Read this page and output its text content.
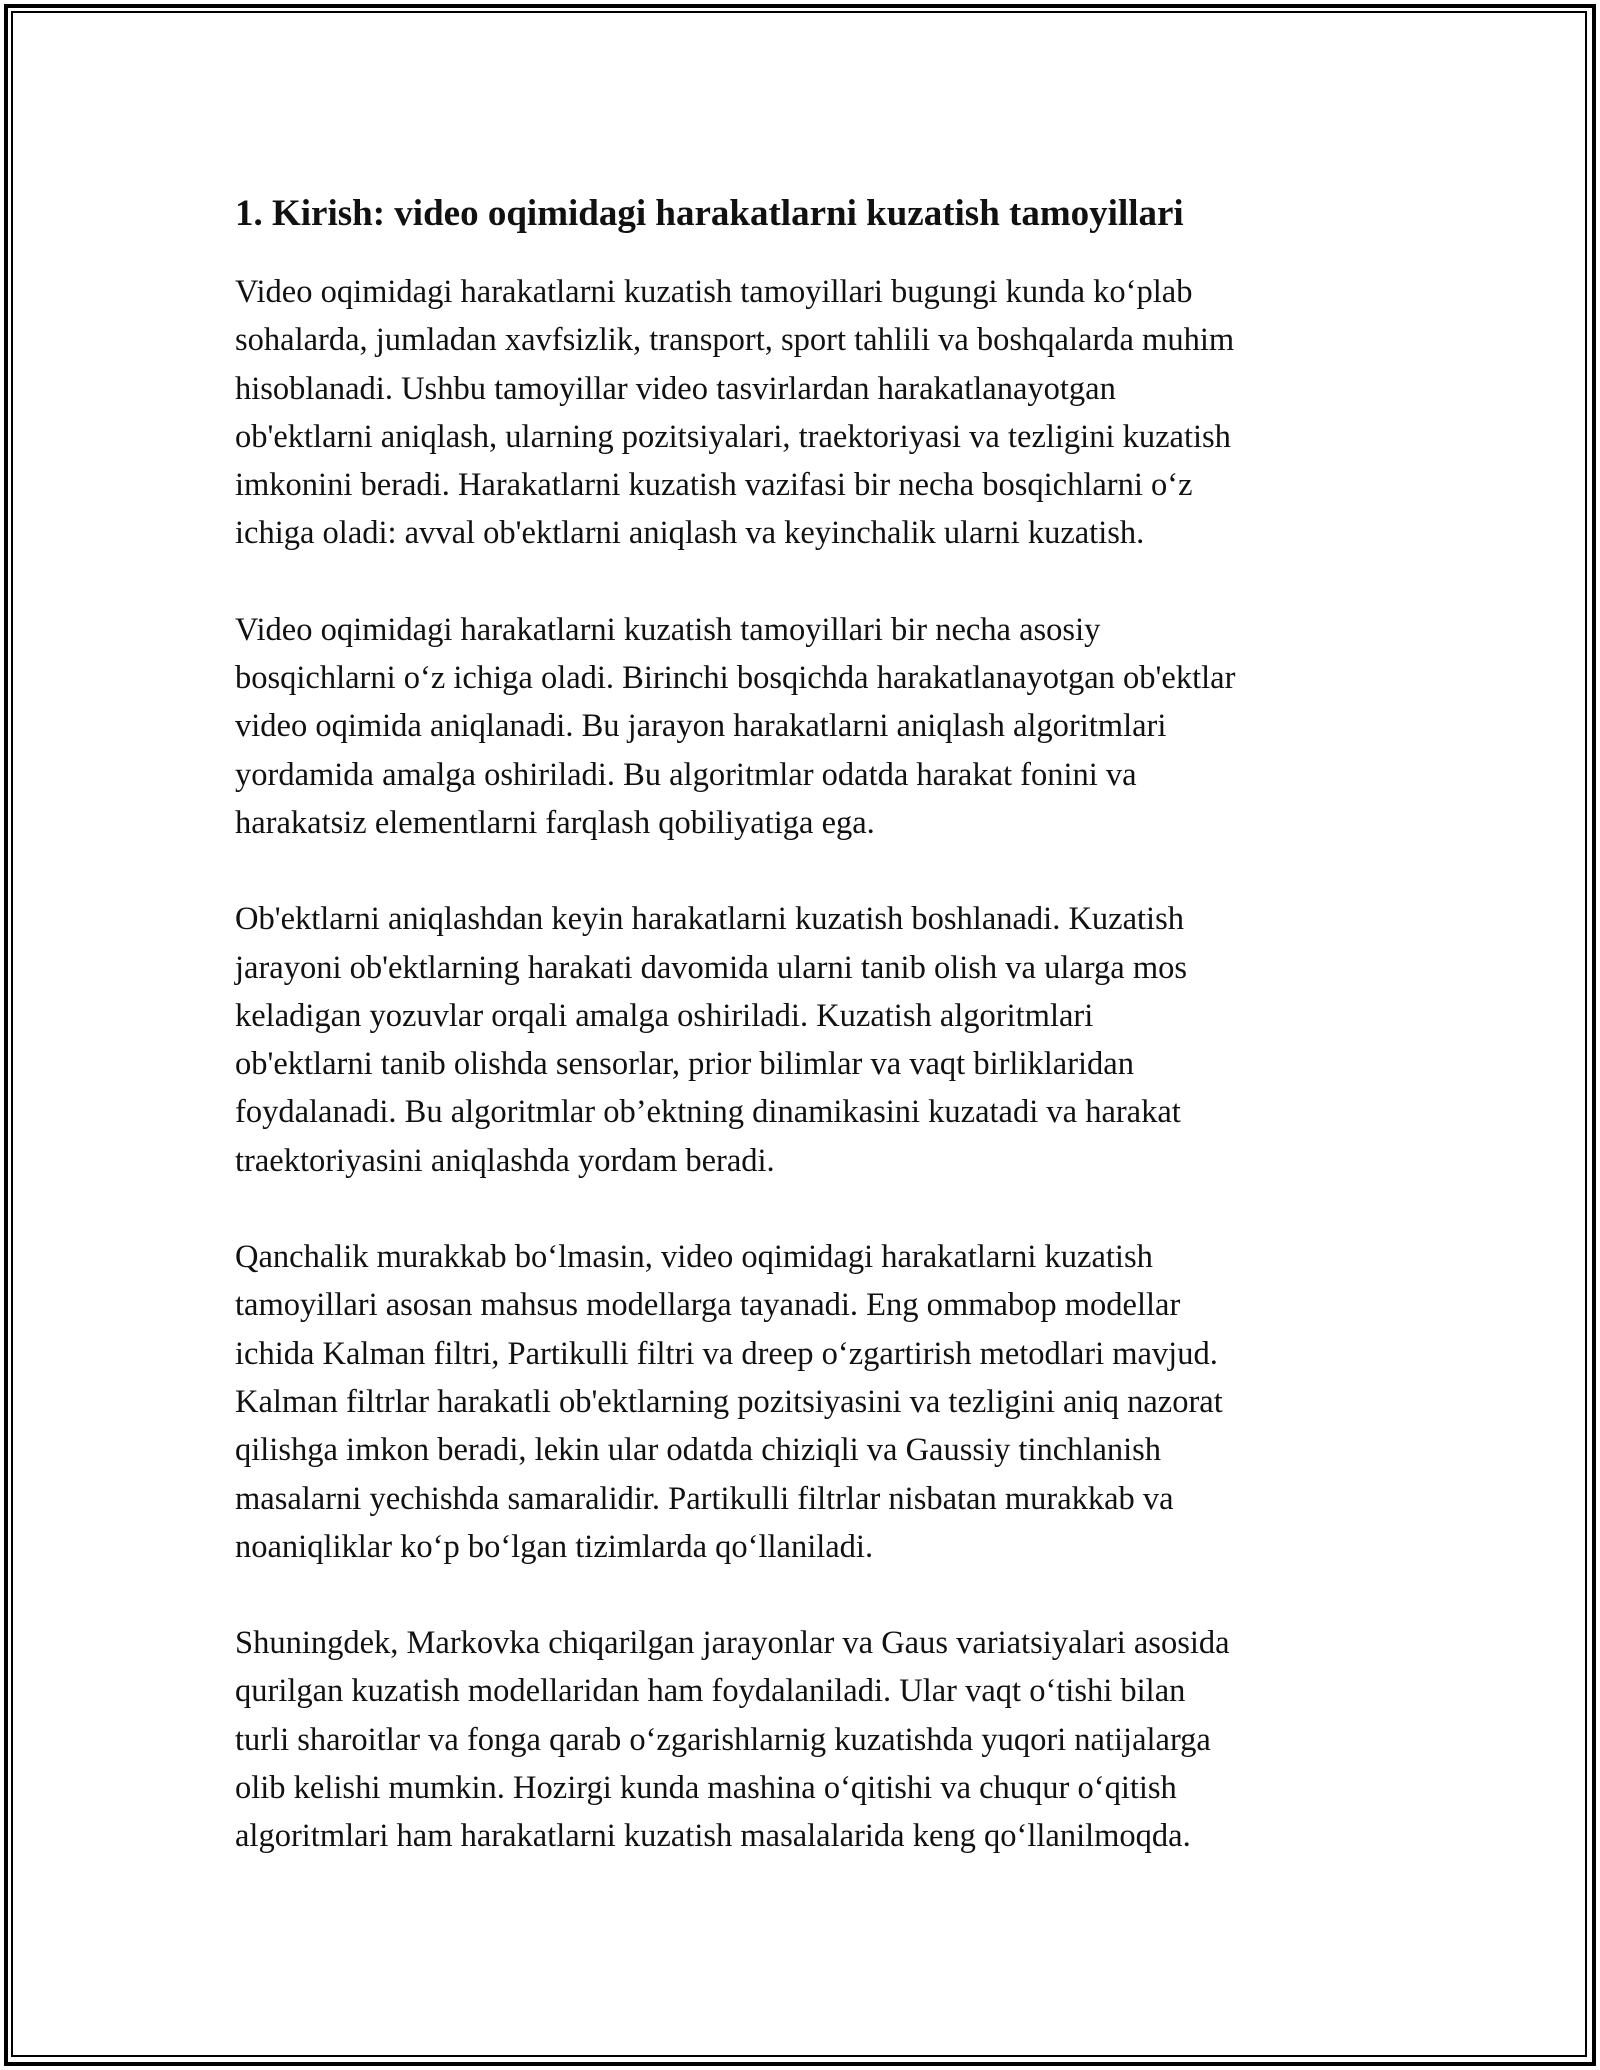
1. Kirish: video oqimidagi harakatlarni kuzatish tamoyillari

Video oqimidagi harakatlarni kuzatish tamoyillari bugungi kunda ko‘plab
sohalarda, jumladan xavfsizlik, transport, sport tahlili va boshqalarda muhim
hisoblanadi. Ushbu tamoyillar video tasvirlardan harakatlanayotgan
ob'ektlarni aniqlash, ularning pozitsiyalari, traektoriyasi va tezligini kuzatish
imkonini beradi. Harakatlarni kuzatish vazifasi bir necha bosqichlarni o‘z
ichiga oladi: avval ob'ektlarni aniqlash va keyinchalik ularni kuzatish.

Video oqimidagi harakatlarni kuzatish tamoyillari bir necha asosiy
bosqichlarni o‘z ichiga oladi. Birinchi bosqichda harakatlanayotgan ob'ektlar
video oqimida aniqlanadi. Bu jarayon harakatlarni aniqlash algoritmlari
yordamida amalga oshiriladi. Bu algoritmlar odatda harakat fonini va
harakatsiz elementlarni farqlash qobiliyatiga ega.

Ob'ektlarni aniqlashdan keyin harakatlarni kuzatish boshlanadi. Kuzatish
jarayoni ob'ektlarning harakati davomida ularni tanib olish va ularga mos
keladigan yozuvlar orqali amalga oshiriladi. Kuzatish algoritmlari
ob'ektlarni tanib olishda sensorlar, prior bilimlar va vaqt birliklaridan
foydalanadi. Bu algoritmlar ob’ektning dinamikasini kuzatadi va harakat
traektoriyasini aniqlashda yordam beradi.

Qanchalik murakkab bo‘lmasin, video oqimidagi harakatlarni kuzatish
tamoyillari asosan mahsus modellarga tayanadi. Eng ommabop modellar
ichida Kalman filtri, Partikulli filtri va dreep o‘zgartirish metodlari mavjud.
Kalman filtrlar harakatli ob'ektlarning pozitsiyasini va tezligini aniq nazorat
qilishga imkon beradi, lekin ular odatda chiziqli va Gaussiy tinchlanish
masalarni yechishda samaralidir. Partikulli filtrlar nisbatan murakkab va
noaniqliklar ko‘p bo‘lgan tizimlarda qo‘llaniladi.

Shuningdek, Markovka chiqarilgan jarayonlar va Gaus variatsiyalari asosida
qurilgan kuzatish modellaridan ham foydalaniladi. Ular vaqt o‘tishi bilan
turli sharoitlar va fonga qarab o‘zgarishlarnig kuzatishda yuqori natijalarga
olib kelishi mumkin. Hozirgi kunda mashina o‘qitishi va chuqur o‘qitish
algoritmlari ham harakatlarni kuzatish masalalarida keng qo‘llanilmoqda.
